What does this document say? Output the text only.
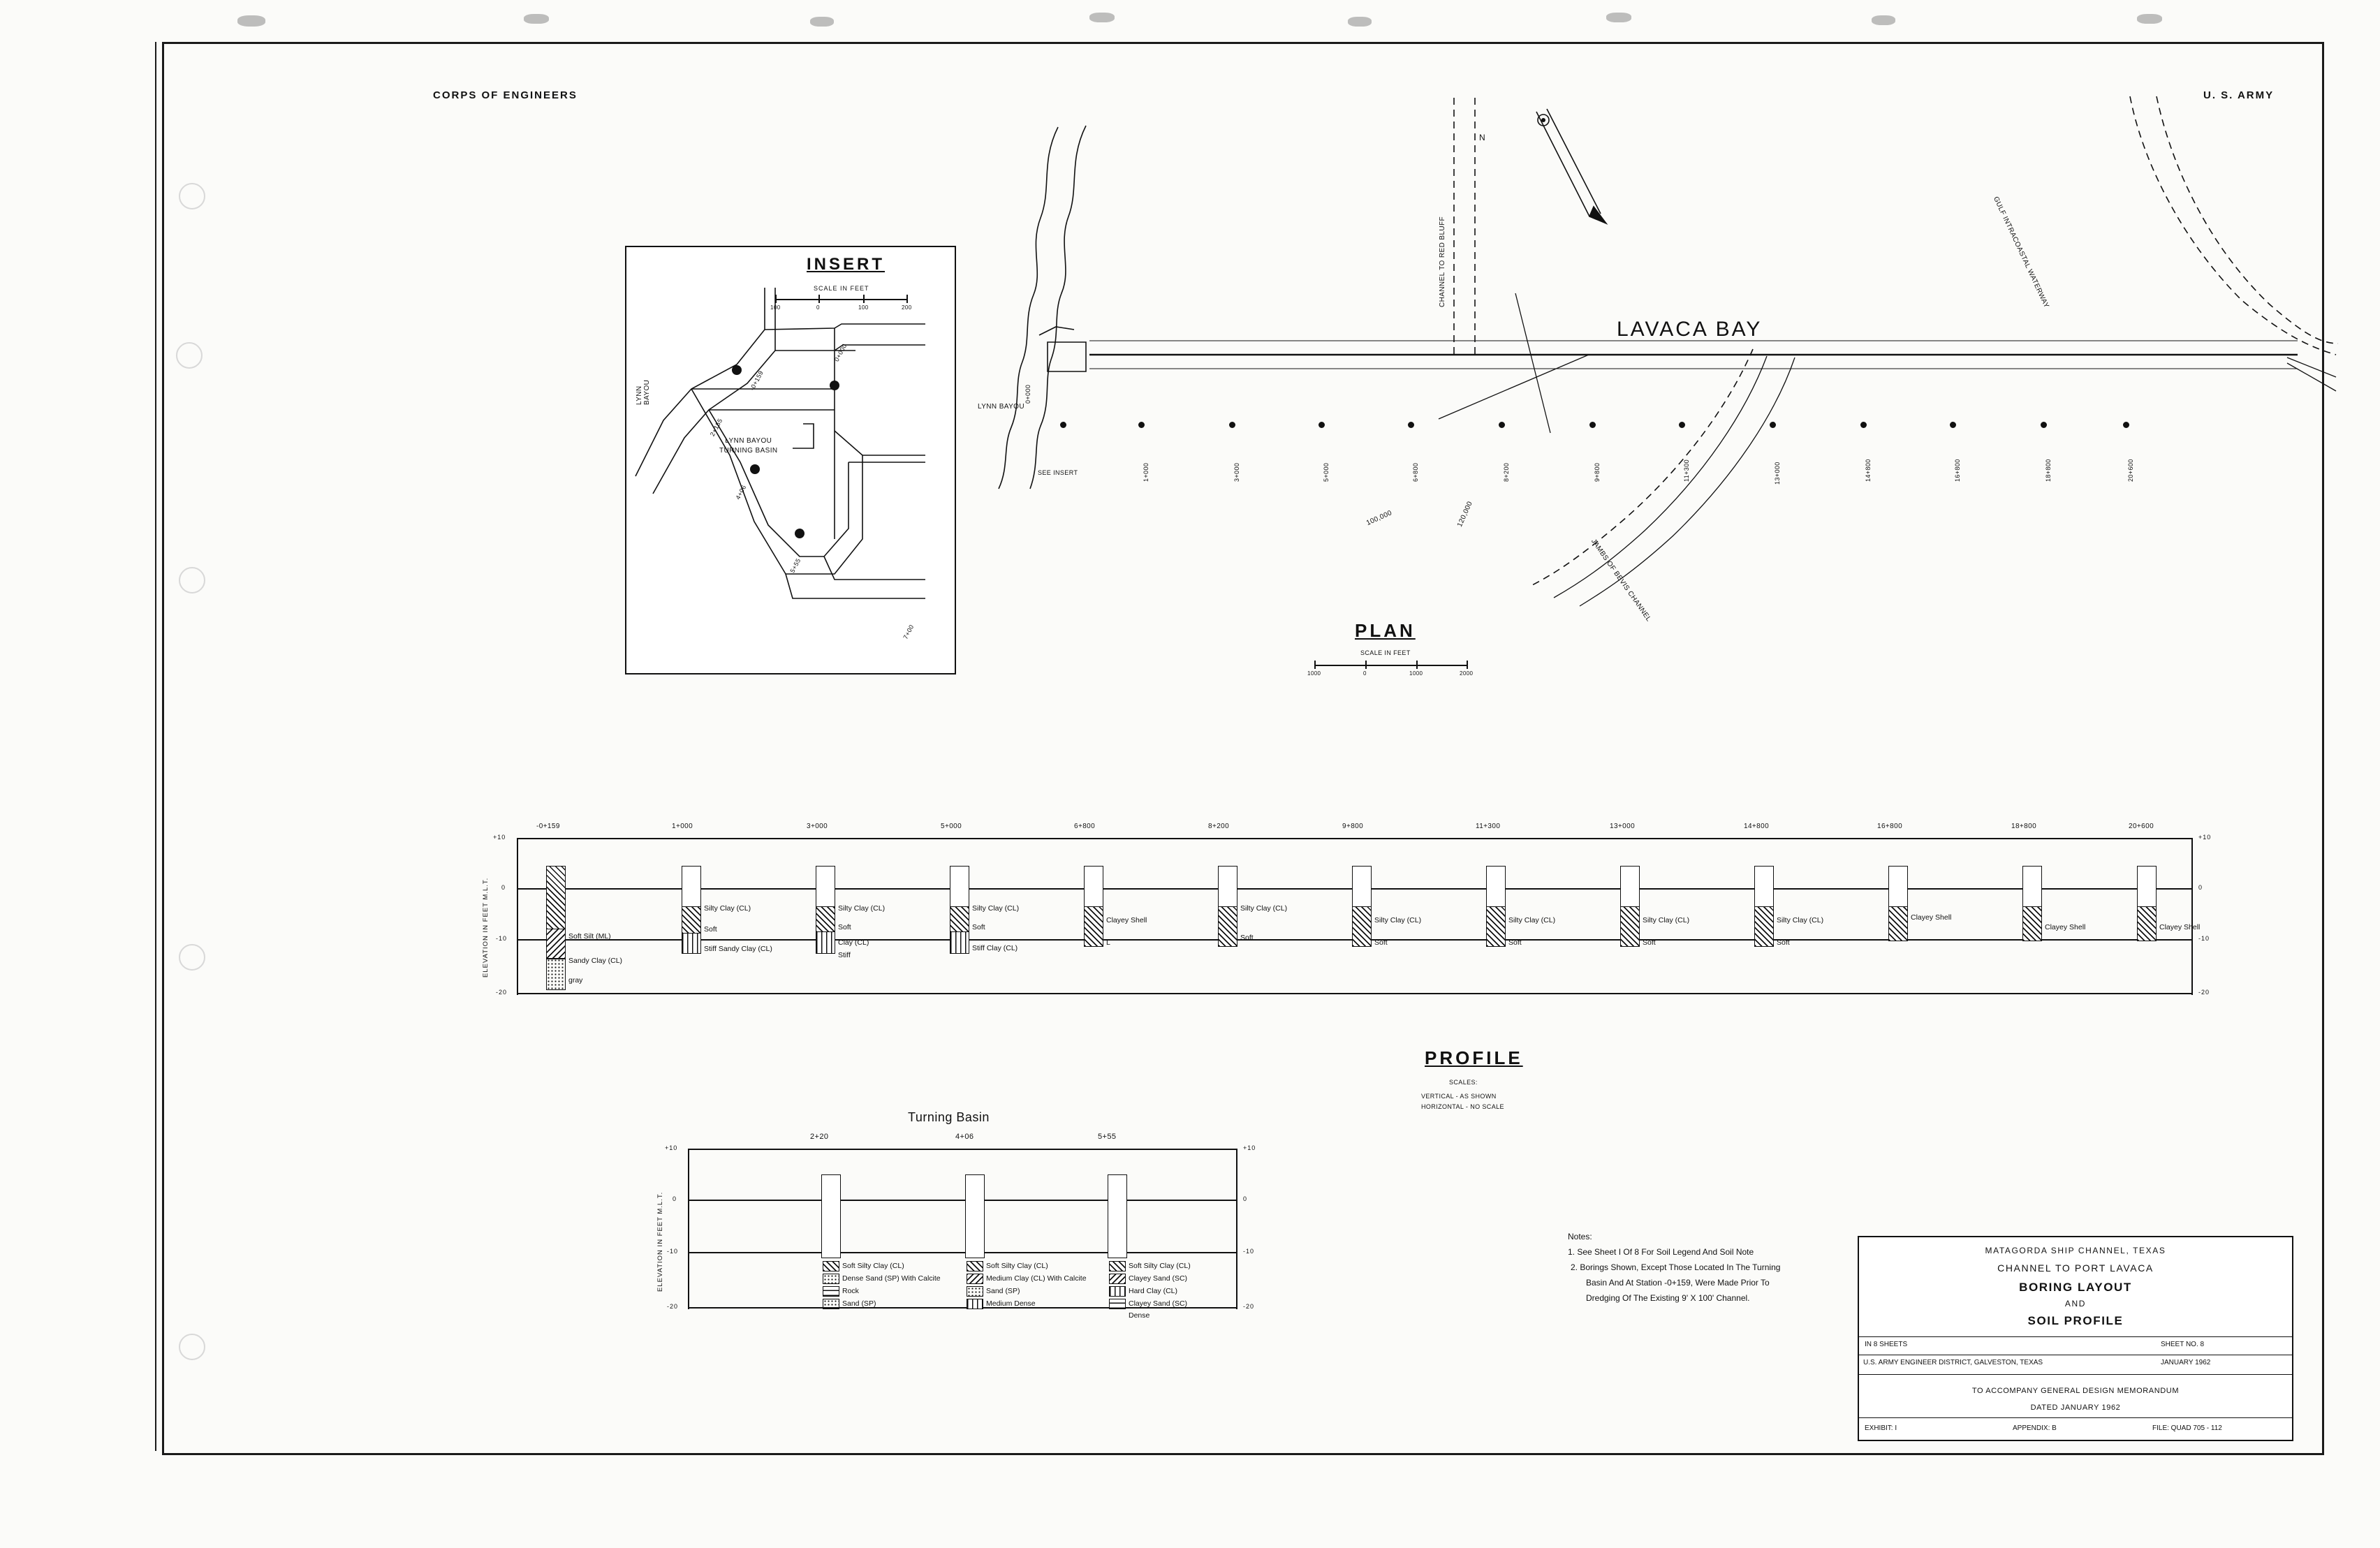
CORPS OF ENGINEERS	U. S. ARMY
INSERT
SCALE IN FEET
100	0	100	200
LYNN
BAYOU
LYNN BAYOU
TURNING BASIN
-0+159
0+000
2+155
4+06
5+55
7+00
LAVACA BAY
LYNN BAYOU
SEE INSERT
CHANNEL TO RED BLUFF	GULF INTRACOASTAL WATERWAY
JAMBS OF BEVIS CHANNEL
N
100,000	120,000
0+000
1+000	3+000	5+000	6+800	8+200	9+800	11+300	13+000	14+800	16+800	18+800	20+600
PLAN
SCALE IN FEET
1000	0	1000	2000
ELEVATION IN FEET M.L.T.
+10
0
-10
-20
+10
0
-10
-20
-0+159	1+000	3+000	5+000	6+800	8+200	9+800	11+300	13+000	14+800	16+800	18+800	20+600
Soft Silt (ML)
Sandy Clay (CL)
gray
Silty Clay (CL)
Soft
Stiff Sandy Clay (CL)
Silty Clay (CL)
Soft
Clay (CL)
Stiff
Silty Clay (CL)
Soft
Stiff Clay (CL)
Clayey Shell
L
Silty Clay (CL)
Soft
Silty Clay (CL)
Soft
Silty Clay (CL)
Soft
Silty Clay (CL)
Soft
Silty Clay (CL)
Soft
Clayey Shell
Clayey Shell	Clayey Shell
PROFILE
SCALES:
VERTICAL - AS SHOWN
HORIZONTAL - NO SCALE
Turning Basin
ELEVATION IN FEET M.L.T.
+10
0
-10
-20
+10
0
-10
-20
2+20	4+06	5+55
Soft Silty Clay (CL)
Dense Sand (SP) With Calcite
Rock
Sand (SP)
Soft Silty Clay (CL)
Medium Clay (CL) With Calcite
Sand (SP)
Medium Dense
Soft Silty Clay (CL)
Clayey Sand (SC)
Hard Clay (CL)
Clayey Sand (SC)
Dense
Notes:
1. See Sheet I Of 8 For Soil Legend And Soil Note
2. Borings Shown, Except Those Located In The Turning
Basin And At Station -0+159, Were Made Prior To
Dredging Of The Existing 9' X 100' Channel.
MATAGORDA SHIP CHANNEL, TEXAS
CHANNEL TO PORT LAVACA
BORING LAYOUT
AND
SOIL PROFILE
IN 8 SHEETS	SHEET NO. 8
U.S. ARMY ENGINEER DISTRICT, GALVESTON, TEXAS	JANUARY 1962
TO ACCOMPANY GENERAL DESIGN MEMORANDUM
DATED JANUARY 1962
EXHIBIT: I	APPENDIX: B	FILE: QUAD 705 - 112
